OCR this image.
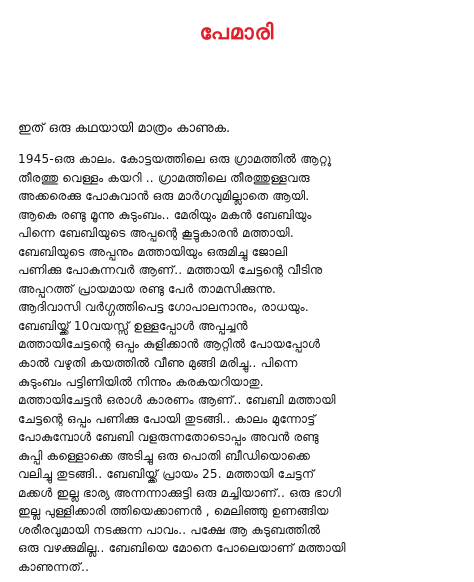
പേമാരി
ഇത് ഒരു കഥയായി മാത്രം കാണുക.
1945-ഒരു കാലം. കോട്ടയത്തിലെ ഒരു ഗ്രാമത്തിൽ ആറ്റു
തീരത്തു വെള്ളം കയറി .. ഗ്രാമത്തിലെ തീരത്തുള്ളവരു
അക്കരെക്കു പോകുവാൻ ഒരു മാർഗവുമില്ലാതെ ആയി.
ആകെ രണ്ടു മൂന്നു കുടുംബം.. മേരിയും മകൻ ബേബിയും
പിന്നെ ബേബിയുടെ അപ്പന്റെ കൂട്ടുകാരൻ മത്തായി.
ബേബിയുടെ അപ്പനും മത്തായിയും ഒരുമിച്ചു ജോലി
പണിക്കു പോകുന്നവർ ആണ്.. മത്തായി ചേട്ടന്റെ വീടിനു
അപ്പുറത്ത് പ്രായമായ രണ്ടു പേർ താമസിക്കുന്നു.
ആദിവാസി വർഗ്ഗത്തിപെട്ട ഗോപാലനാനും, രാധയും.
ബേബിയ്ക്ക് 10വയസ്സ് ഉള്ളപ്പോൾ അപ്പച്ചൻ
മത്തായിചേട്ടന്റെ ഒപ്പം കുളിക്കാൻ ആറ്റിൽ പോയപ്പോൾ
കാൽ വഴുതി കയത്തിൽ വീണു മുങ്ങി മരിച്ചു.. പിന്നെ
കുടുംബം പട്ടിണിയിൽ നിന്നും കരകയറിയാതു.
മത്തായിചേട്ടൻ ഒരാൾ കാരണം ആണ്.. ബേബി മത്തായി
ചേട്ടന്റെ ഒപ്പം പണിക്കു പോയി തുടങ്ങി.. കാലം മുന്നോട്ട്
പോകുമ്പോൾ ബേബി വളരുന്നതോടൊപ്പം അവൻ രണ്ടു
കുപ്പി കള്ളൊക്കെ അടിച്ചു ഒരു പൊതി ബീഡിയൊക്കെ
വലിച്ചു തുടങ്ങി.. ബേബിയ്ക്ക് പ്രായം 25. മത്തായി ചേട്ടന്
മക്കൾ ഇല്ല ഭാര്യ അന്നന്നാക്കുട്ടി ഒരു മച്ചിയാണ്.. ഒരു ഭാഗി
ഇല്ല പുള്ളിക്കാരി ത്തിയെക്കാണൻ , മെലിഞ്ഞു ഉണങ്ങിയ
ശരീരവുമായി നടക്കുന്ന പാവം.. പക്ഷേ ആ കുടുബത്തിൽ
ഒരു വഴക്കുമില്ല.. ബേബിയെ മോനെ പോലെയാണ് മത്തായി
കാണുന്നത്..
